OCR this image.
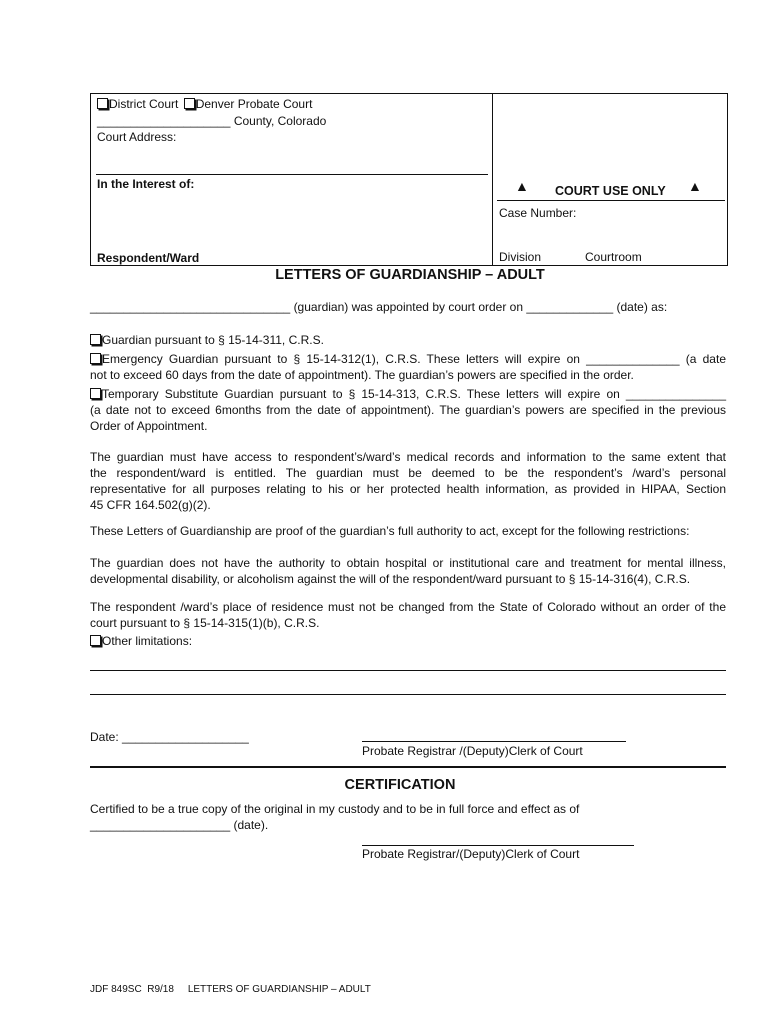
District Court Denver Probate Court
____________________ County, Colorado
Court Address:
In the Interest of:
Respondent/Ward
▲ COURT USE ONLY ▲
Case Number:
Division	Courtroom
LETTERS OF GUARDIANSHIP – ADULT
______________________________ (guardian) was appointed by court order on _____________ (date) as:
Guardian pursuant to § 15-14-311, C.R.S.
Emergency Guardian pursuant to § 15-14-312(1), C.R.S. These letters will expire on ______________ (a date
not to exceed 60 days from the date of appointment). The guardian’s powers are specified in the order.
Temporary Substitute Guardian pursuant to § 15-14-313, C.R.S. These letters will expire on _______________
(a date not to exceed 6months from the date of appointment). The guardian’s powers are specified in the previous
Order of Appointment.
The guardian must have access to respondent’s/ward’s medical records and information to the same extent that
the respondent/ward is entitled. The guardian must be deemed to be the respondent’s /ward’s personal
representative for all purposes relating to his or her protected health information, as provided in HIPAA, Section
45 CFR 164.502(g)(2).
These Letters of Guardianship are proof of the guardian’s full authority to act, except for the following restrictions:
The guardian does not have the authority to obtain hospital or institutional care and treatment for mental illness,
developmental disability, or alcoholism against the will of the respondent/ward pursuant to § 15-14-316(4), C.R.S.
The respondent /ward’s place of residence must not be changed from the State of Colorado without an order of the
court pursuant to § 15-14-315(1)(b), C.R.S.
Other limitations:
Date: ___________________
Probate Registrar /(Deputy)Clerk of Court
CERTIFICATION
Certified to be a true copy of the original in my custody and to be in full force and effect as of
_____________________ (date).
Probate Registrar/(Deputy)Clerk of Court
JDF 849SC  R9/18     LETTERS OF GUARDIANSHIP – ADULT
